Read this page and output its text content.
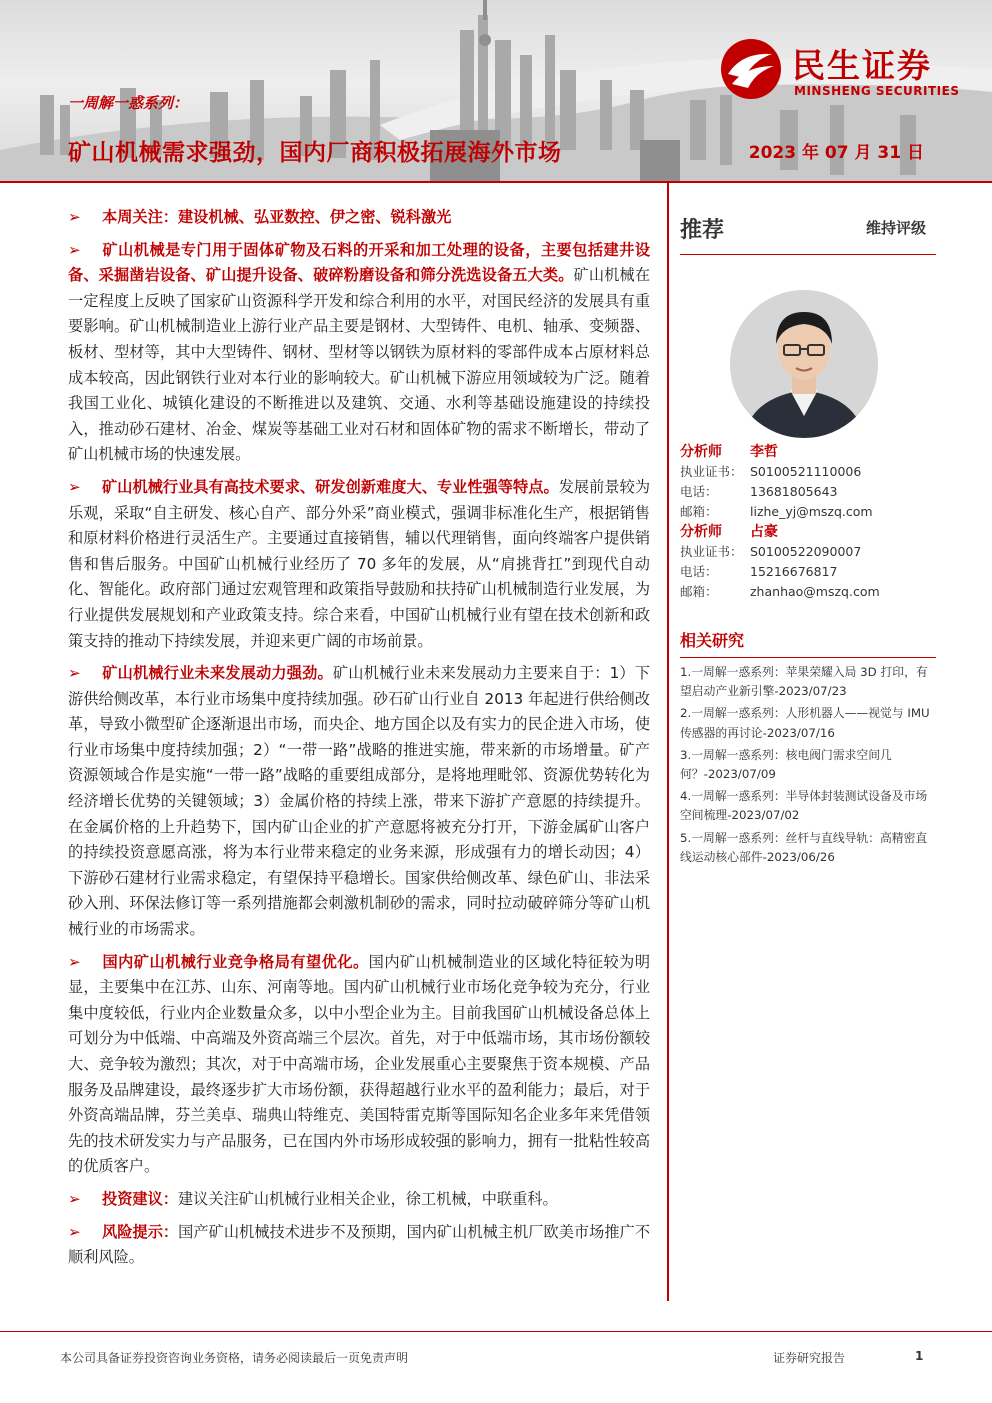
一周解一惑系列：
矿山机械需求强劲，国内厂商积极拓展海外市场	2023 年 07 月 31 日
民生证券
MINSHENG SECURITIES
➢ 本周关注：建设机械、弘亚数控、伊之密、锐科激光
➢ 矿山机械是专门用于固体矿物及石料的开采和加工处理的设备，主要包括建井设备、采掘凿岩设备、矿山提升设备、破碎粉磨设备和筛分洗选设备五大类。矿山机械在一定程度上反映了国家矿山资源科学开发和综合利用的水平，对国民经济的发展具有重要影响。矿山机械制造业上游行业产品主要是钢材、大型铸件、电机、轴承、变频器、板材、型材等，其中大型铸件、钢材、型材等以钢铁为原材料的零部件成本占原材料总成本较高，因此钢铁行业对本行业的影响较大。矿山机械下游应用领域较为广泛。随着我国工业化、城镇化建设的不断推进以及建筑、交通、水利等基础设施建设的持续投入，推动砂石建材、冶金、煤炭等基础工业对石材和固体矿物的需求不断增长，带动了矿山机械市场的快速发展。
➢ 矿山机械行业具有高技术要求、研发创新难度大、专业性强等特点。发展前景较为乐观，采取“自主研发、核心自产、部分外采”商业模式，强调非标准化生产，根据销售和原材料价格进行灵活生产。主要通过直接销售，辅以代理销售，面向终端客户提供销售和售后服务。中国矿山机械行业经历了 70 多年的发展，从“肩挑背扛”到现代自动化、智能化。政府部门通过宏观管理和政策指导鼓励和扶持矿山机械制造行业发展，为行业提供发展规划和产业政策支持。综合来看，中国矿山机械行业有望在技术创新和政策支持的推动下持续发展，并迎来更广阔的市场前景。
➢ 矿山机械行业未来发展动力强劲。矿山机械行业未来发展动力主要来自于：1）下游供给侧改革，本行业市场集中度持续加强。砂石矿山行业自 2013 年起进行供给侧改革，导致小微型矿企逐渐退出市场，而央企、地方国企以及有实力的民企进入市场，使行业市场集中度持续加强；2）“一带一路”战略的推进实施，带来新的市场增量。矿产资源领域合作是实施“一带一路”战略的重要组成部分，是将地理毗邻、资源优势转化为经济增长优势的关键领域；3）金属价格的持续上涨，带来下游扩产意愿的持续提升。在金属价格的上升趋势下，国内矿山企业的扩产意愿将被充分打开，下游金属矿山客户的持续投资意愿高涨，将为本行业带来稳定的业务来源，形成强有力的增长动因；4）下游砂石建材行业需求稳定，有望保持平稳增长。国家供给侧改革、绿色矿山、非法采砂入刑、环保法修订等一系列措施都会刺激机制砂的需求，同时拉动破碎筛分等矿山机械行业的市场需求。
➢ 国内矿山机械行业竞争格局有望优化。国内矿山机械制造业的区域化特征较为明显，主要集中在江苏、山东、河南等地。国内矿山机械行业市场化竞争较为充分，行业集中度较低，行业内企业数量众多，以中小型企业为主。目前我国矿山机械设备总体上可划分为中低端、中高端及外资高端三个层次。首先，对于中低端市场，其市场份额较大、竞争较为激烈；其次，对于中高端市场，企业发展重心主要聚焦于资本规模、产品服务及品牌建设，最终逐步扩大市场份额，获得超越行业水平的盈利能力；最后，对于外资高端品牌，芬兰美卓、瑞典山特维克、美国特雷克斯等国际知名企业多年来凭借领先的技术研发实力与产品服务，已在国内外市场形成较强的影响力，拥有一批粘性较高的优质客户。
➢ 投资建议：建议关注矿山机械行业相关企业，徐工机械，中联重科。
➢ 风险提示：国产矿山机械技术进步不及预期，国内矿山机械主机厂欧美市场推广不顺利风险。
推荐	维持评级
分析师 李哲
执业证书： S0100521110006
电话：	13681805643
邮箱：	lizhe_yj@mszq.com
分析师 占豪
执业证书： S0100522090007
电话：	15216676817
邮箱：	zhanhao@mszq.com
相关研究
1.一周解一惑系列：苹果荣耀入局 3D 打印，有望启动产业新引擎-2023/07/23
2.一周解一惑系列：人形机器人——视觉与 IMU 传感器的再讨论-2023/07/16
3.一周解一惑系列：核电阀门需求空间几何？-2023/07/09
4.一周解一惑系列：半导体封装测试设备及市场空间梳理-2023/07/02
5.一周解一惑系列：丝杆与直线导轨：高精密直线运动核心部件-2023/06/26
本公司具备证券投资咨询业务资格，请务必阅读最后一页免责声明	证券研究报告	1
